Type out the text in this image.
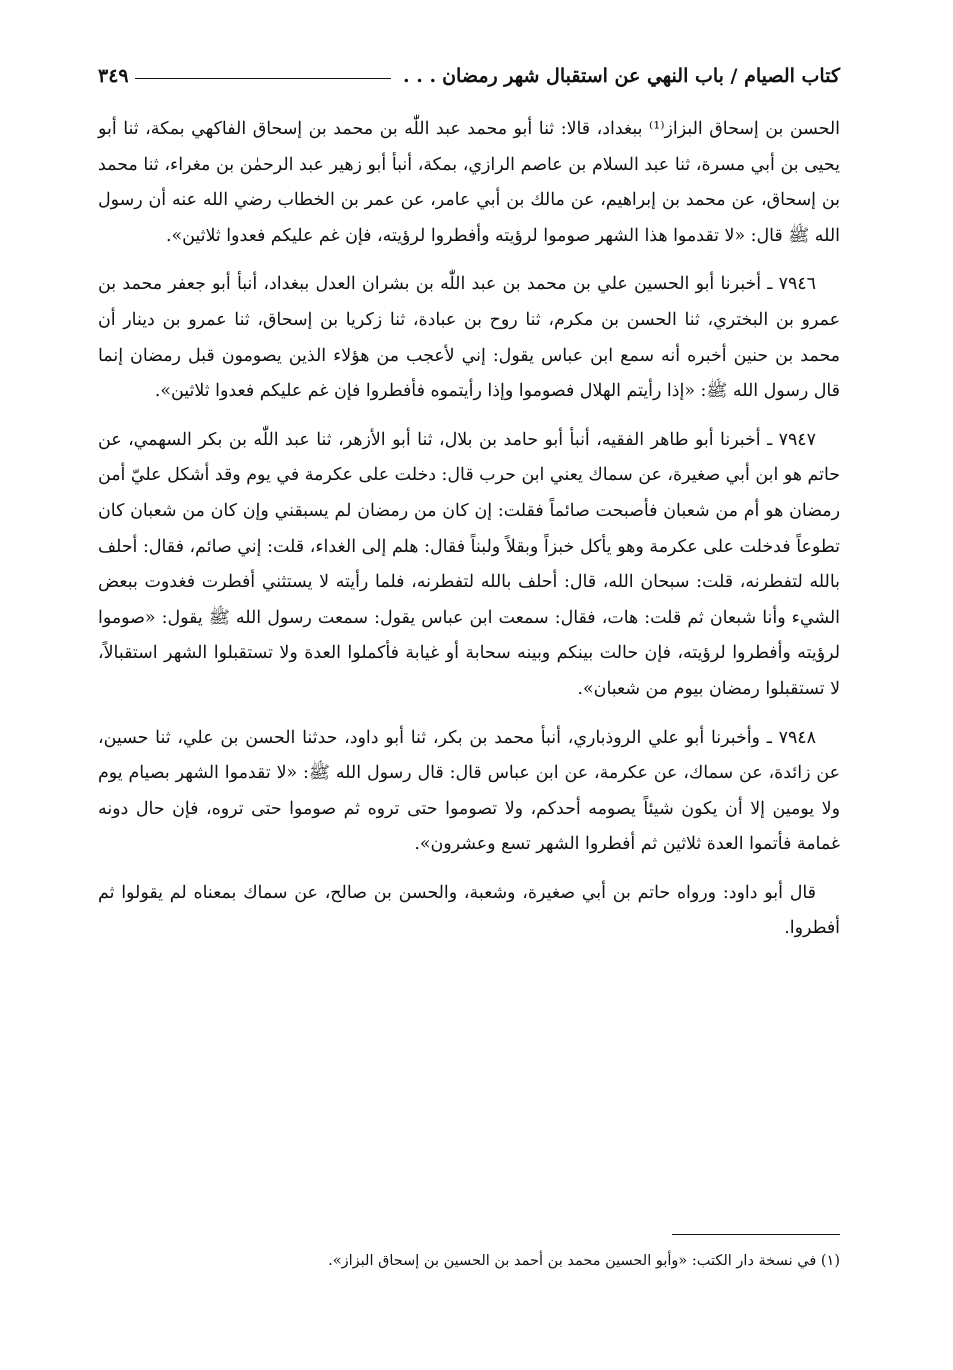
كتاب الصيام / باب النهي عن استقبال شهر رمضان
. . .
٣٤٩

الحسن بن إسحاق البزاز⁽¹⁾ ببغداد، قالا: ثنا أبو محمد عبد اللّٰه بن محمد بن إسحاق الفاكهي بمكة، ثنا أبو يحيى بن أبي مسرة، ثنا عبد السلام بن عاصم الرازي، بمكة، أنبأ أبو زهير عبد الرحمٰن بن مغراء، ثنا محمد بن إسحاق، عن محمد بن إبراهيم، عن مالك بن أبي عامر، عن عمر بن الخطاب رضي الله عنه أن رسول الله ﷺ قال: «لا تقدموا هذا الشهر صوموا لرؤيته وأفطروا لرؤيته، فإن غم عليكم فعدوا ثلاثين».

٧٩٤٦ ـ أخبرنا أبو الحسين علي بن محمد بن عبد اللّٰه بن بشران العدل ببغداد، أنبأ أبو جعفر محمد بن عمرو بن البختري، ثنا الحسن بن مكرم، ثنا روح بن عبادة، ثنا زكريا بن إسحاق، ثنا عمرو بن دينار أن محمد بن حنين أخبره أنه سمع ابن عباس يقول: إني لأعجب من هؤلاء الذين يصومون قبل رمضان إنما قال رسول الله ﷺ: «إذا رأيتم الهلال فصوموا وإذا رأيتموه فأفطروا فإن غم عليكم فعدوا ثلاثين».

٧٩٤٧ ـ أخبرنا أبو طاهر الفقيه، أنبأ أبو حامد بن بلال، ثنا أبو الأزهر، ثنا عبد اللّٰه بن بكر السهمي، عن حاتم هو ابن أبي صغيرة، عن سماك يعني ابن حرب قال: دخلت على عكرمة في يوم وقد أشكل عليّ أمن رمضان هو أم من شعبان فأصبحت صائماً فقلت: إن كان من رمضان لم يسبقني وإن كان من شعبان كان تطوعاً فدخلت على عكرمة وهو يأكل خبزاً وبقلاً ولبناً فقال: هلم إلى الغداء، قلت: إني صائم، فقال: أحلف بالله لتفطرنه، قلت: سبحان الله، قال: أحلف بالله لتفطرنه، فلما رأيته لا يستثني أفطرت فغدوت ببعض الشيء وأنا شبعان ثم قلت: هات، فقال: سمعت ابن عباس يقول: سمعت رسول الله ﷺ يقول: «صوموا لرؤيته وأفطروا لرؤيته، فإن حالت بينكم وبينه سحابة أو غيابة فأكملوا العدة ولا تستقبلوا الشهر استقبالاً، لا تستقبلوا رمضان بيوم من شعبان».

٧٩٤٨ ـ وأخبرنا أبو علي الروذباري، أنبأ محمد بن بكر، ثنا أبو داود، حدثنا الحسن بن علي، ثنا حسين، عن زائدة، عن سماك، عن عكرمة، عن ابن عباس قال: قال رسول الله ﷺ: «لا تقدموا الشهر بصيام يوم ولا يومين إلا أن يكون شيئاً يصومه أحدكم، ولا تصوموا حتى تروه ثم صوموا حتى تروه، فإن حال دونه غمامة فأتموا العدة ثلاثين ثم أفطروا الشهر تسع وعشرون».

قال أبو داود: ورواه حاتم بن أبي صغيرة، وشعبة، والحسن بن صالح، عن سماك بمعناه لم يقولوا ثم أفطروا.

(١) في نسخة دار الكتب: «وأبو الحسين محمد بن أحمد بن الحسين بن إسحاق البزاز».
